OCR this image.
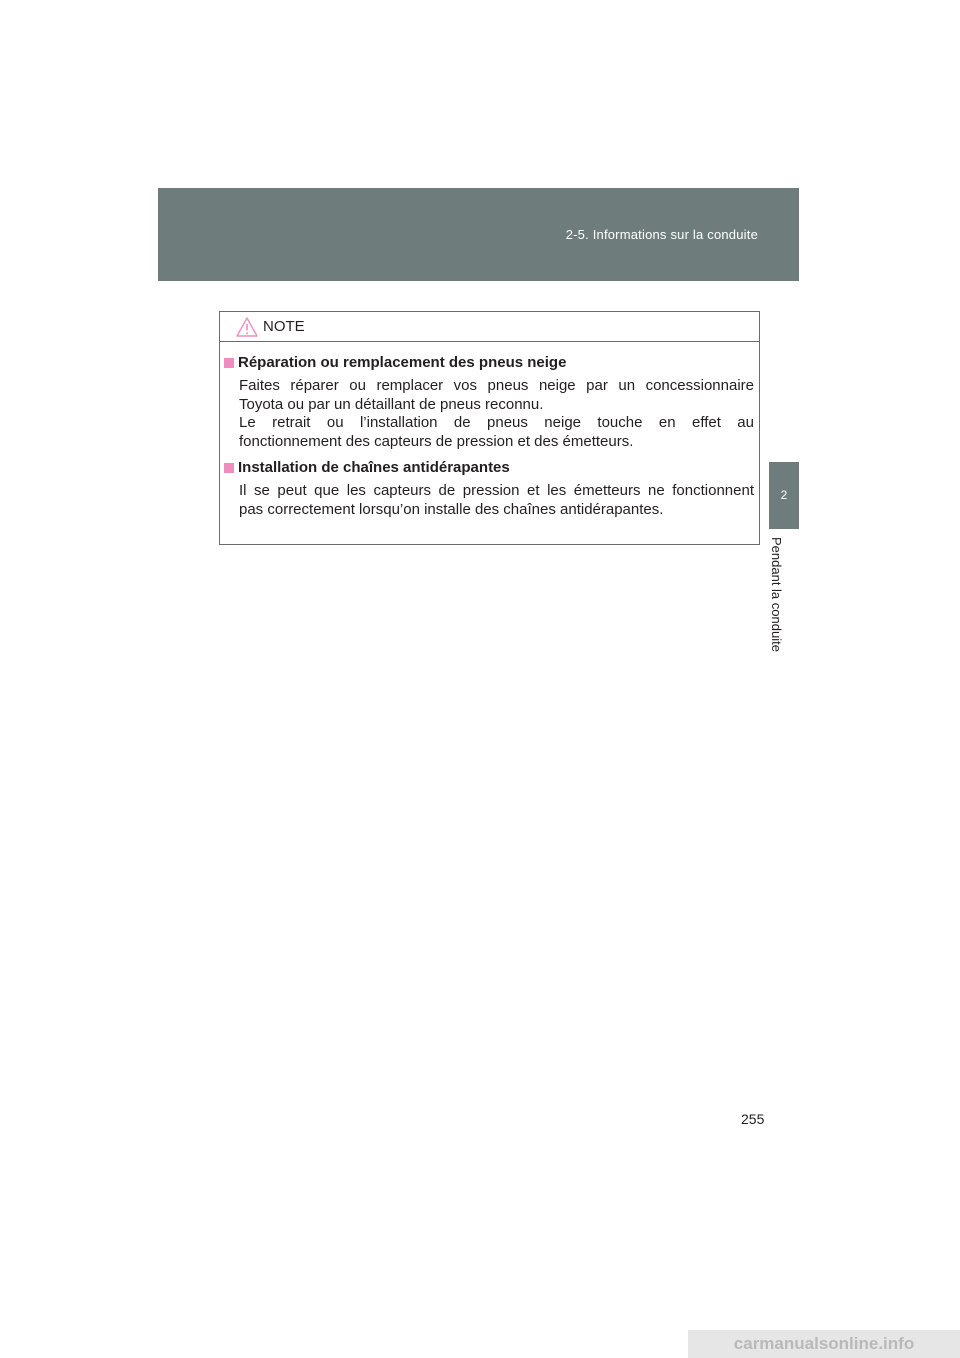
2-5. Informations sur la conduite
2
Pendant la conduite
NOTE
Réparation ou remplacement des pneus neige
Faites réparer ou remplacer vos pneus neige par un concessionnaire
Toyota ou par un détaillant de pneus reconnu.
Le retrait ou l’installation de pneus neige touche en effet au
fonctionnement des capteurs de pression et des émetteurs.
Installation de chaînes antidérapantes
Il se peut que les capteurs de pression et les émetteurs ne fonctionnent
pas correctement lorsqu’on installe des chaînes antidérapantes.
255
carmanualsonline.info
